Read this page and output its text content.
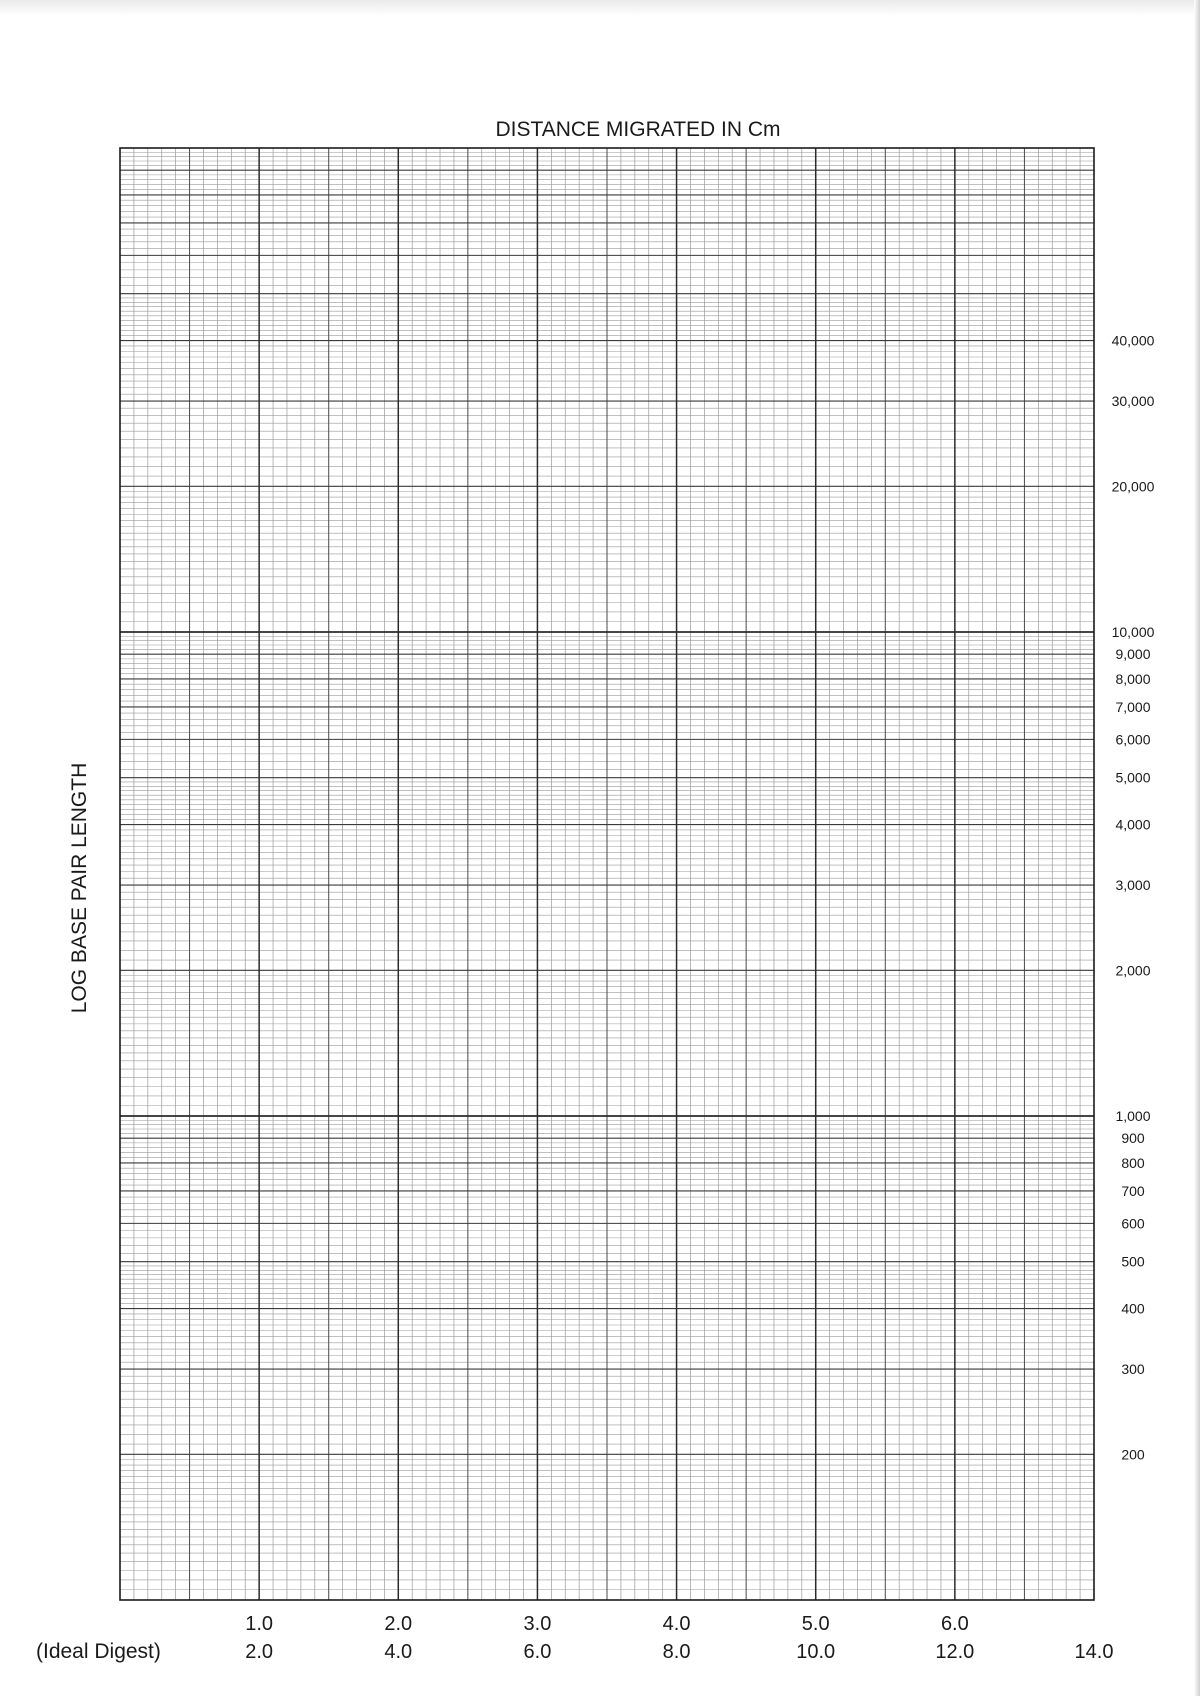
DISTANCE MIGRATED IN Cm
LOG BASE PAIR LENGTH
40,000
30,000
20,000
10,000
9,000
8,000
7,000
6,000
5,000
4,000
3,000
2,000
1,000
900
800
700
600
500
400
300
200
1.0	2.0	3.0	4.0	5.0	6.0
2.0	4.0	6.0	8.0	10.0	12.0	14.0
(Ideal Digest)
